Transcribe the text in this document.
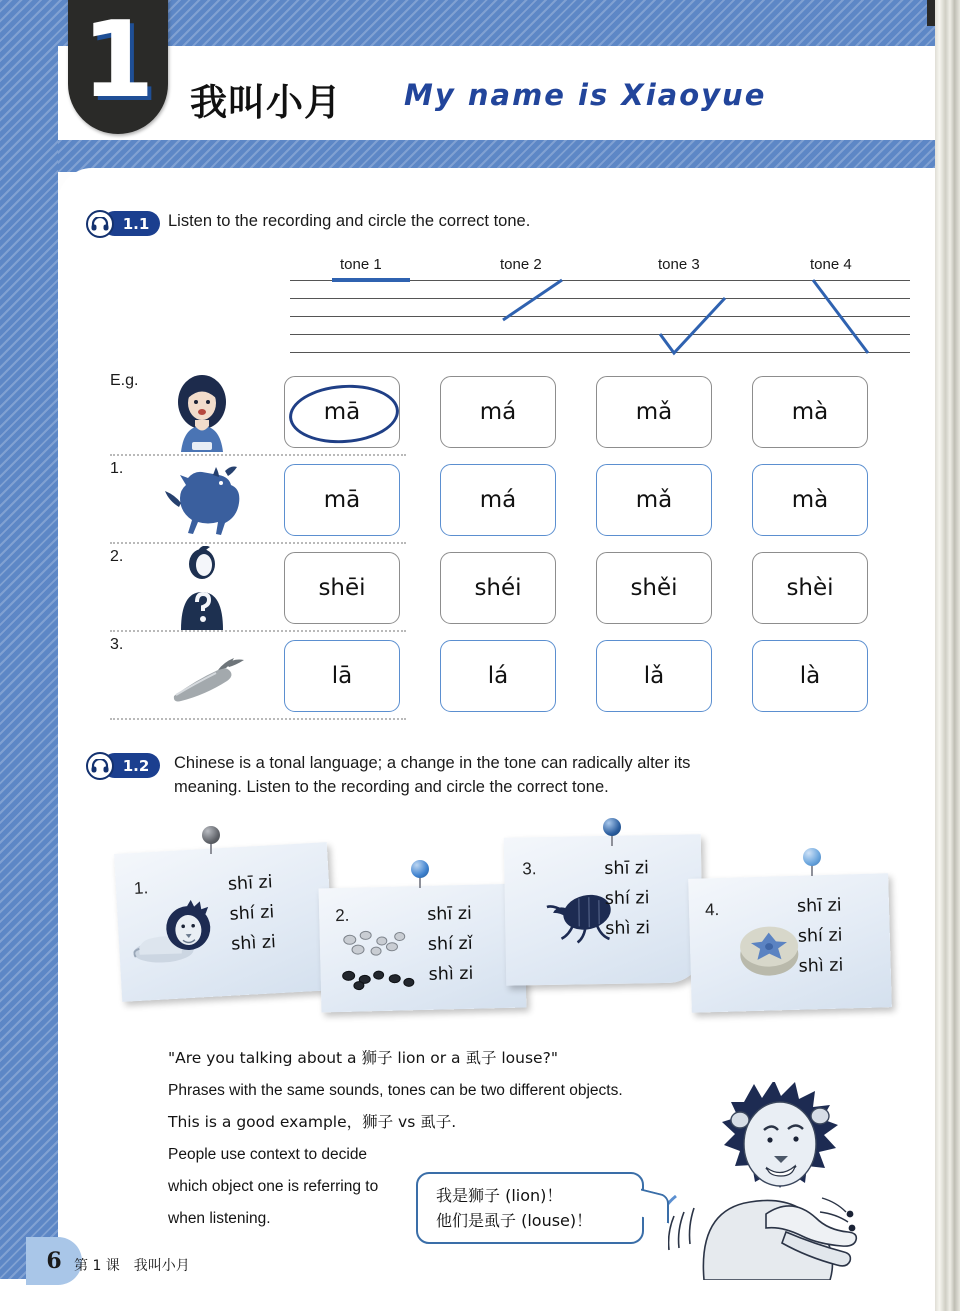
1 我叫小月 My name is Xiaoyue
1.1	Listen to the recording and circle the correct tone.
tone 1	tone 2	tone 3	tone 4
E.g.
mā	má	mǎ	mà
1.
mā	má	mǎ	mà
2.
shēi	shéi	shěi	shèi
3.
lā	lá	lǎ	là
1.2	Chinese is a tonal language; a change in the tone can radically alter its
meaning. Listen to the recording and circle the correct tone.
1.	shī zi
shí zi
shì zi
2.	shī zi
shí zǐ
shì zi
3.	shī zi
shí zi
shì zi
4.	shī zi
shí zi
shì zi
"Are you talking about a 狮子 lion or a 虱子 louse?"
Phrases with the same sounds, tones can be two different objects.
This is a good example，狮子 vs 虱子.
People use context to decide
which object one is referring to
when listening.
我是狮子 (lion)！
他们是虱子 (louse)！
6 第 1 课　我叫小月
